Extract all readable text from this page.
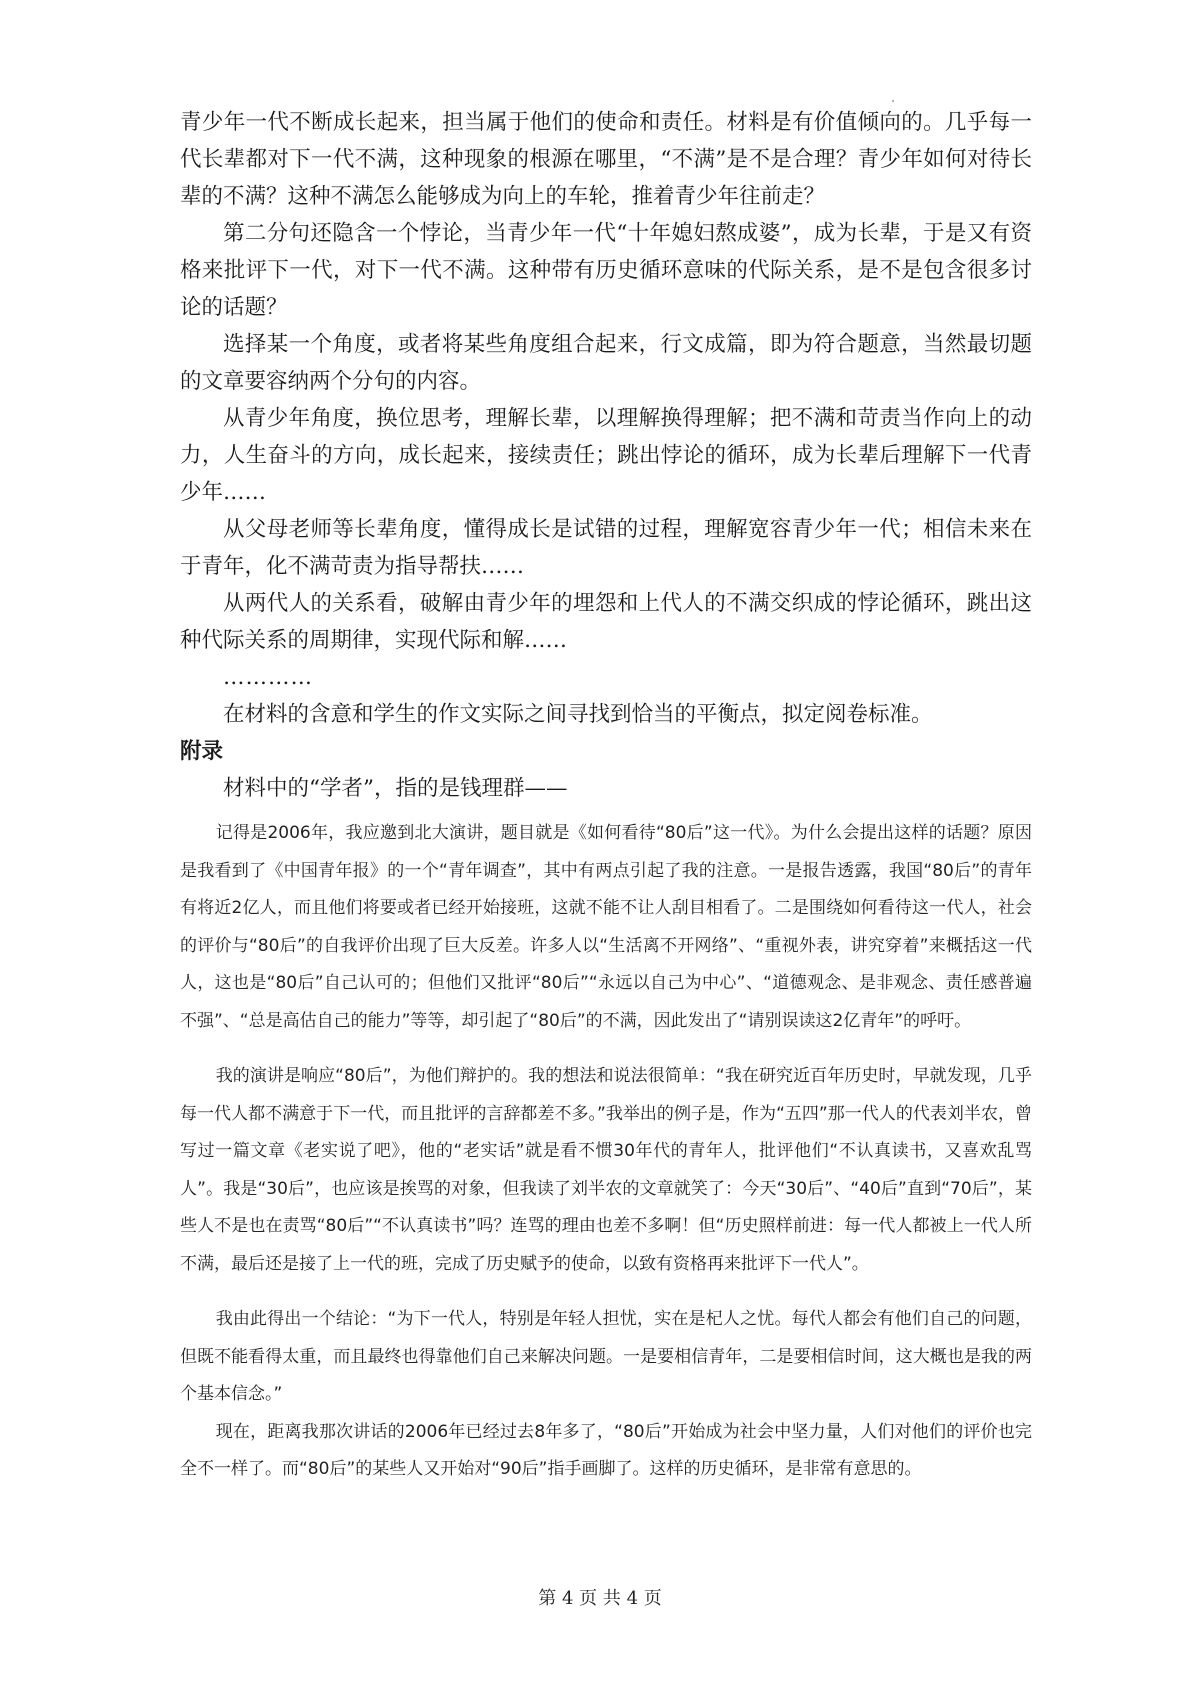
青少年一代不断成长起来，担当属于他们的使命和责任。材料是有价值倾向的。几乎每一代长辈都对下一代不满，这种现象的根源在哪里，“不满”是不是合理？青少年如何对待长辈的不满？这种不满怎么能够成为向上的车轮，推着青少年往前走？

第二分句还隐含一个悖论，当青少年一代“十年媳妇熬成婆”，成为长辈，于是又有资格来批评下一代，对下一代不满。这种带有历史循环意味的代际关系，是不是包含很多讨论的话题？

选择某一个角度，或者将某些角度组合起来，行文成篇，即为符合题意，当然最切题的文章要容纳两个分句的内容。

从青少年角度，换位思考，理解长辈，以理解换得理解；把不满和苛责当作向上的动力，人生奋斗的方向，成长起来，接续责任；跳出悖论的循环，成为长辈后理解下一代青少年……

从父母老师等长辈角度，懂得成长是试错的过程，理解宽容青少年一代；相信未来在于青年，化不满苛责为指导帮扶……

从两代人的关系看，破解由青少年的埋怨和上代人的不满交织成的悖论循环，跳出这种代际关系的周期律，实现代际和解……

…………

在材料的含意和学生的作文实际之间寻找到恰当的平衡点，拟定阅卷标准。

附录

材料中的“学者”，指的是钱理群——

记得是2006年，我应邀到北大演讲，题目就是《如何看待“80后”这一代》。为什么会提出这样的话题？原因是我看到了《中国青年报》的一个“青年调查”，其中有两点引起了我的注意。一是报告透露，我国“80后”的青年有将近2亿人，而且他们将要或者已经开始接班，这就不能不让人刮目相看了。二是围绕如何看待这一代人，社会的评价与“80后”的自我评价出现了巨大反差。许多人以“生活离不开网络”、“重视外表，讲究穿着”来概括这一代人，这也是“80后”自己认可的；但他们又批评“80后”“永远以自己为中心”、“道德观念、是非观念、责任感普遍不强”、“总是高估自己的能力”等等，却引起了“80后”的不满，因此发出了“请别误读这2亿青年”的呼吁。

我的演讲是响应“80后”，为他们辩护的。我的想法和说法很简单：“我在研究近百年历史时，早就发现，几乎每一代人都不满意于下一代，而且批评的言辞都差不多。”我举出的例子是，作为“五四”那一代人的代表刘半农，曾写过一篇文章《老实说了吧》，他的“老实话”就是看不惯30年代的青年人，批评他们“不认真读书，又喜欢乱骂人”。我是“30后”，也应该是挨骂的对象，但我读了刘半农的文章就笑了：今天“30后”、“40后”直到“70后”，某些人不是也在责骂“80后”“不认真读书”吗？连骂的理由也差不多啊！但“历史照样前进：每一代人都被上一代人所不满，最后还是接了上一代的班，完成了历史赋予的使命，以致有资格再来批评下一代人”。

我由此得出一个结论：“为下一代人，特别是年轻人担忧，实在是杞人之忧。每代人都会有他们自己的问题，但既不能看得太重，而且最终也得靠他们自己来解决问题。一是要相信青年，二是要相信时间，这大概也是我的两个基本信念。”

现在，距离我那次讲话的2006年已经过去8年多了，“80后”开始成为社会中坚力量，人们对他们的评价也完全不一样了。而“80后”的某些人又开始对“90后”指手画脚了。这样的历史循环，是非常有意思的。

第 4 页 共 4 页
